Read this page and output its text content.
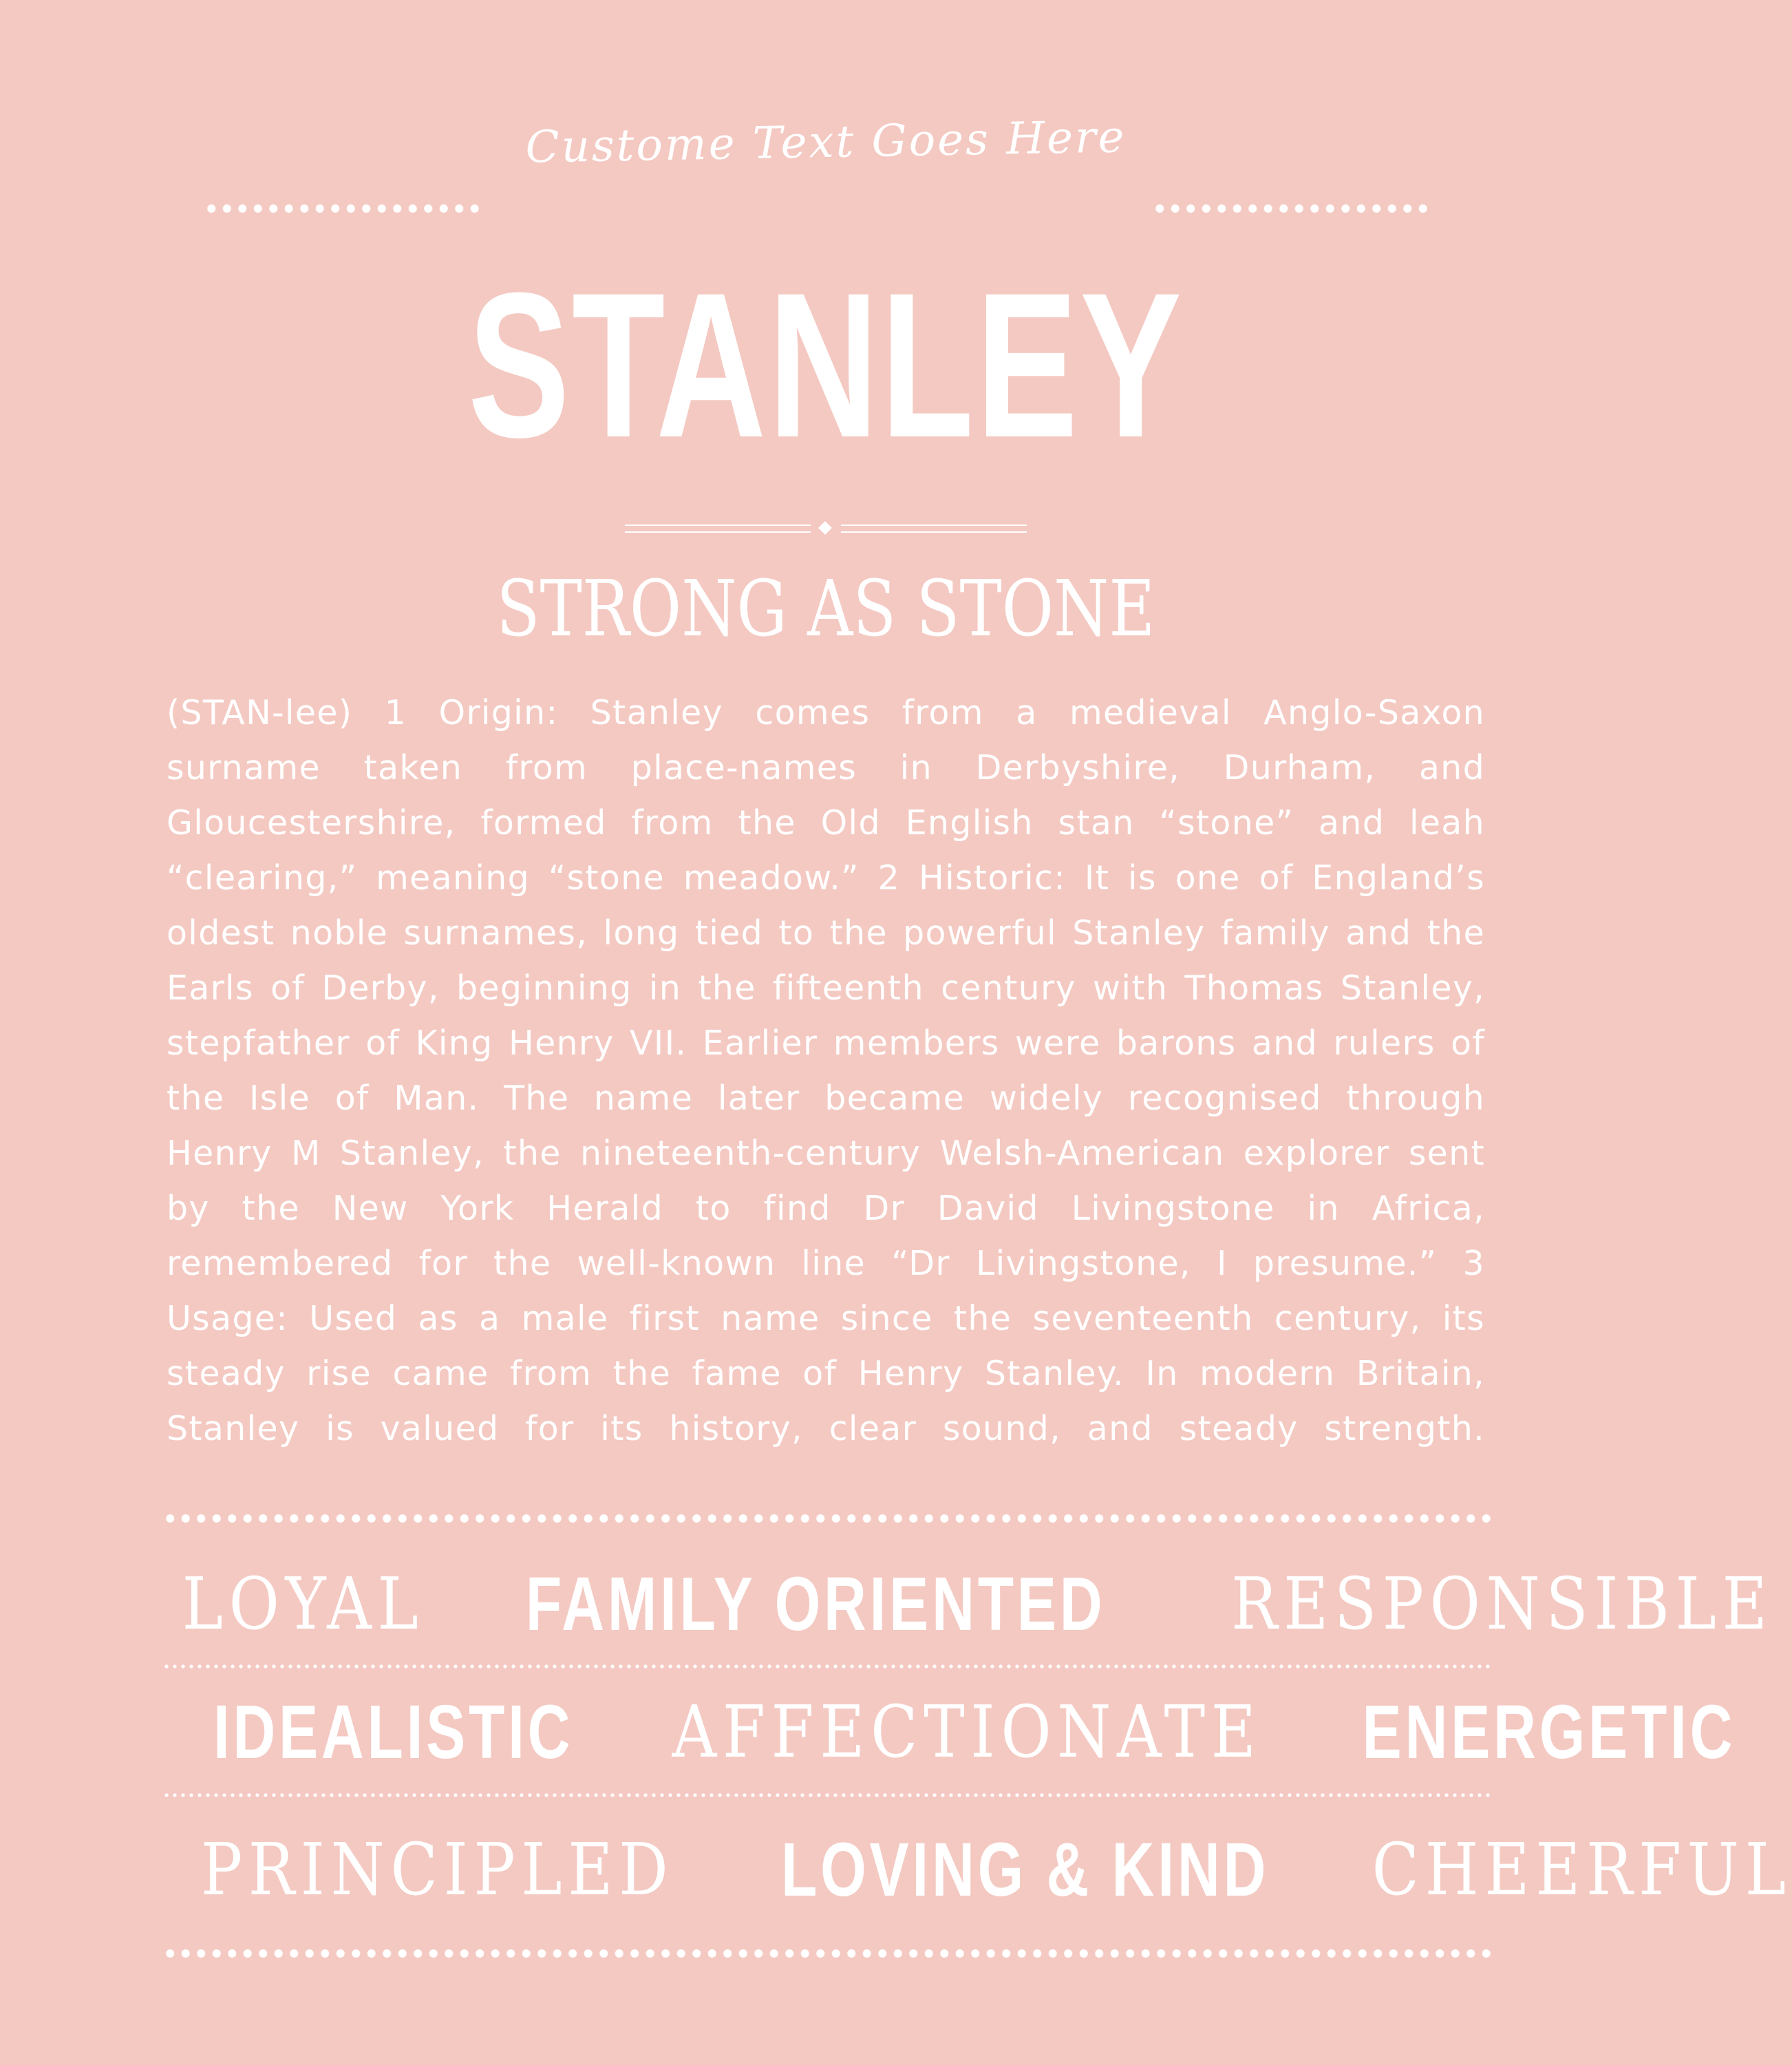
Custome Text Goes Here
STANLEY
STRONG AS STONE
(STAN-lee) 1 Origin: Stanley comes from a medieval Anglo-Saxon surname taken from place-names in Derbyshire, Durham, and Gloucestershire, formed from the Old English stan “stone” and leah “clearing,” meaning “stone meadow.” 2 Historic: It is one of England’s oldest noble surnames, long tied to the powerful Stanley family and the Earls of Derby, beginning in the fifteenth century with Thomas Stanley, stepfather of King Henry VII. Earlier members were barons and rulers of the Isle of Man. The name later became widely recognised through Henry M Stanley, the nineteenth-century Welsh-American explorer sent by the New York Herald to find Dr David Livingstone in Africa, remembered for the well-known line “Dr Livingstone, I presume.” 3 Usage: Used as a male first name since the seventeenth century, its steady rise came from the fame of Henry Stanley. In modern Britain, Stanley is valued for its history, clear sound, and steady strength.
LOYAL FAMILY ORIENTED RESPONSIBLE
IDEALISTIC AFFECTIONATE ENERGETIC
PRINCIPLED LOVING & KIND CHEERFUL
